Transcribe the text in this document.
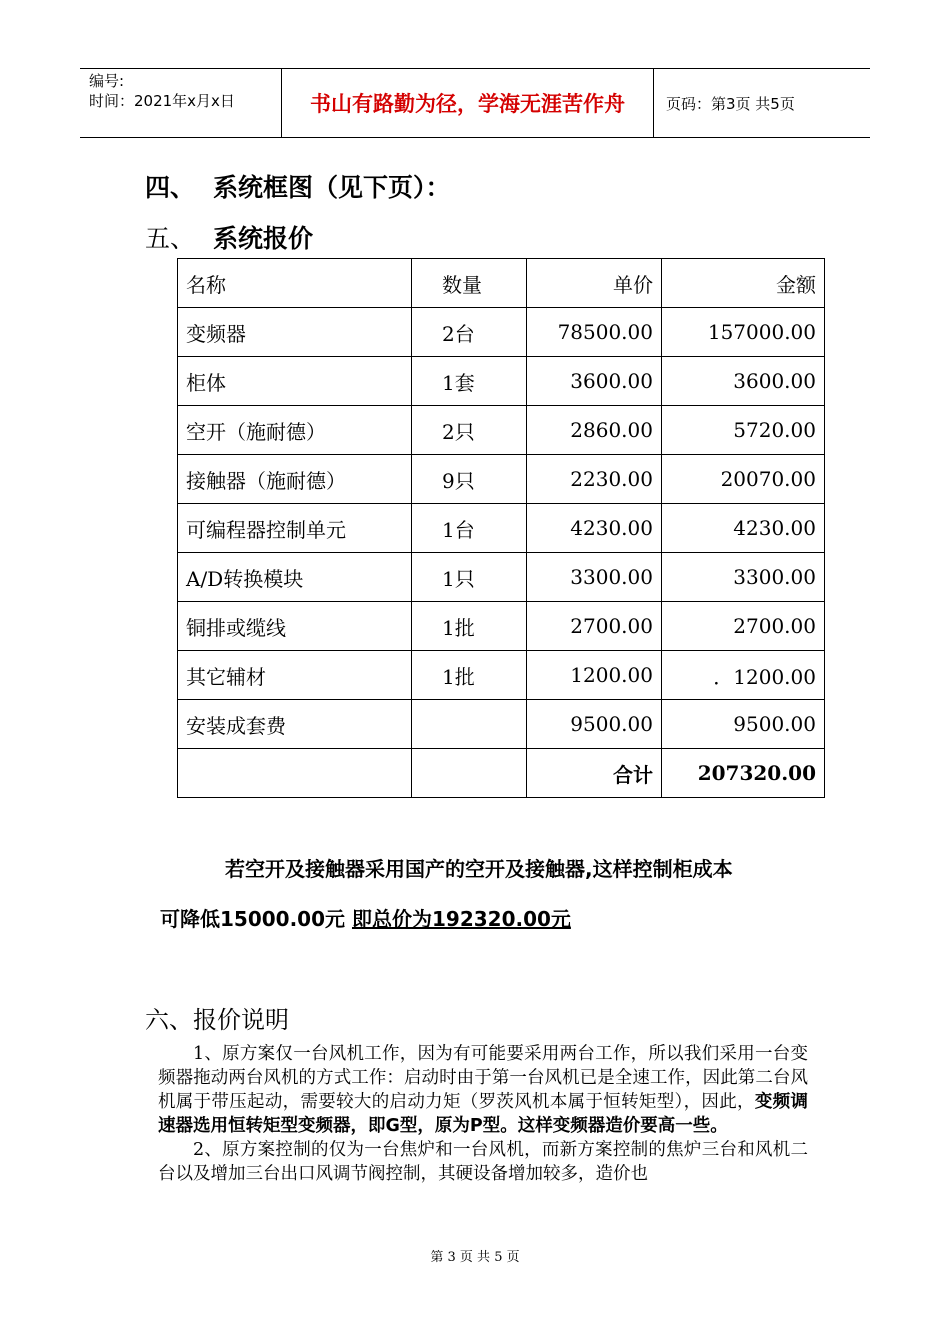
编号:
时间：2021年x月x日	书山有路勤为径，学海无涯苦作舟	页码：第3页 共5页
四、 系统框图（见下页）：
五、 系统报价
名称	数量	单价	金额
变频器	2台	78500.00	157000.00
柜体	1套	3600.00	3600.00
空开（施耐德）	2只	2860.00	5720.00
接触器（施耐德）	9只	2230.00	20070.00
可编程器控制单元	1台	4230.00	4230.00
A/D转换模块	1只	3300.00	3300.00
铜排或缆线	1批	2700.00	2700.00
其它辅材	1批	1200.00	．1200.00
安装成套费		9500.00	9500.00
		合计	207320.00
若空开及接触器采用国产的空开及接触器,这样控制柜成本
可降低15000.00元 即总价为192320.00元
六、报价说明

1、原方案仅一台风机工作，因为有可能要采用两台工作，所以我们采用一台变频器拖动两台风机的方式工作：启动时由于第一台风机已是全速工作，因此第二台风机属于带压起动，需要较大的启动力矩（罗茨风机本属于恒转矩型），因此，变频调速器选用恒转矩型变频器，即G型，原为P型。这样变频器造价要高一些。

2、原方案控制的仅为一台焦炉和一台风机，而新方案控制的焦炉三台和风机二台以及增加三台出口风调节阀控制，其硬设备增加较多，造价也

第 3 页 共 5 页
